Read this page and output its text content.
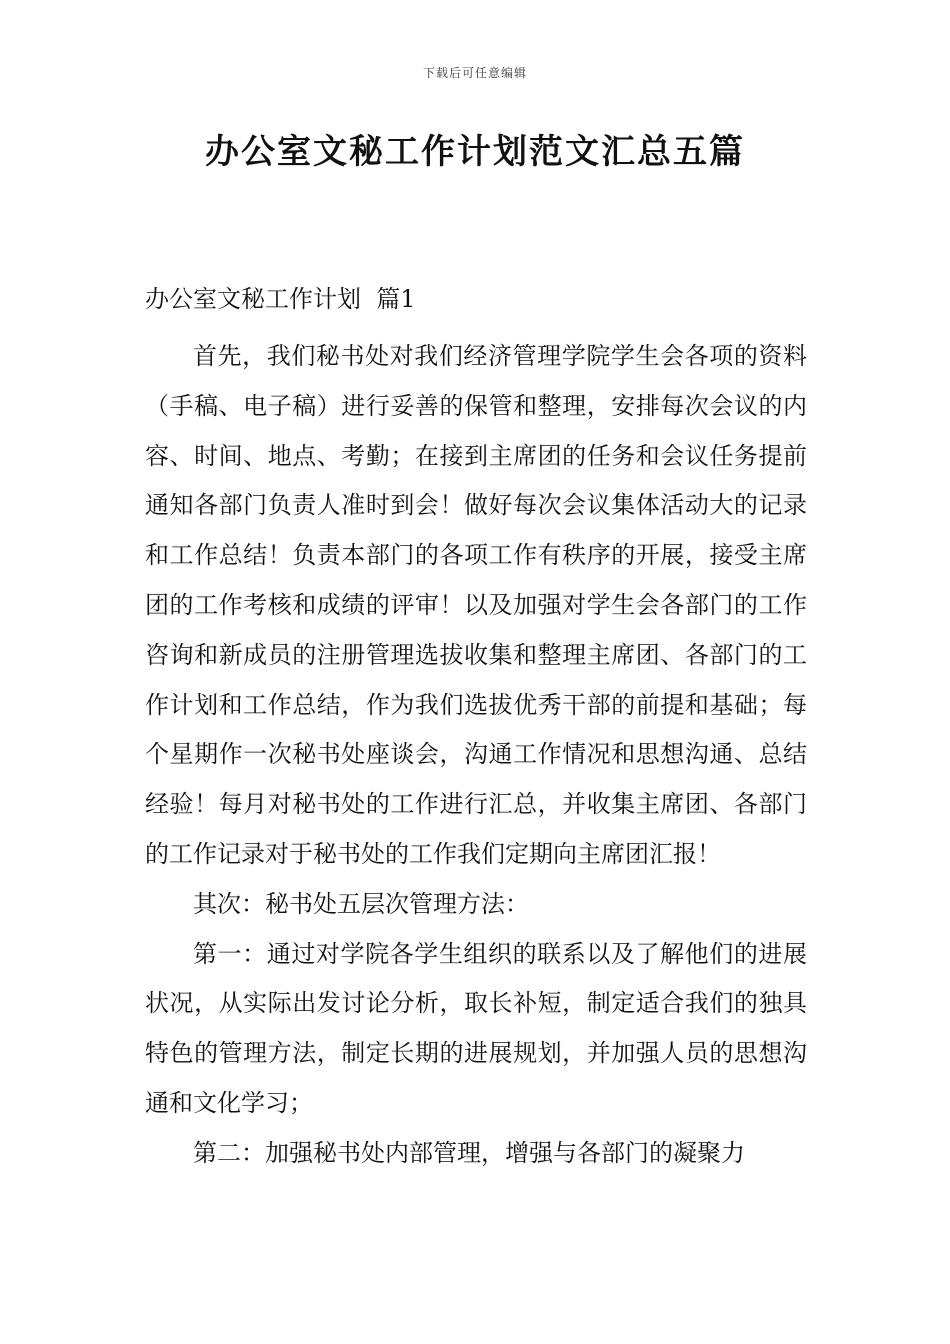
下载后可任意编辑
办公室文秘工作计划范文汇总五篇
办公室文秘工作计划  篇1

首先，我们秘书处对我们经济管理学院学生会各项的资料（手稿、电子稿）进行妥善的保管和整理，安排每次会议的内容、时间、地点、考勤；在接到主席团的任务和会议任务提前通知各部门负责人准时到会！做好每次会议集体活动大的记录和工作总结！负责本部门的各项工作有秩序的开展，接受主席团的工作考核和成绩的评审！以及加强对学生会各部门的工作咨询和新成员的注册管理选拔收集和整理主席团、各部门的工作计划和工作总结，作为我们选拔优秀干部的前提和基础；每个星期作一次秘书处座谈会，沟通工作情况和思想沟通、总结经验！每月对秘书处的工作进行汇总，并收集主席团、各部门的工作记录对于秘书处的工作我们定期向主席团汇报！

其次：秘书处五层次管理方法：

第一：通过对学院各学生组织的联系以及了解他们的进展状况，从实际出发讨论分析，取长补短，制定适合我们的独具特色的管理方法，制定长期的进展规划，并加强人员的思想沟通和文化学习；

第二：加强秘书处内部管理，增强与各部门的凝聚力
